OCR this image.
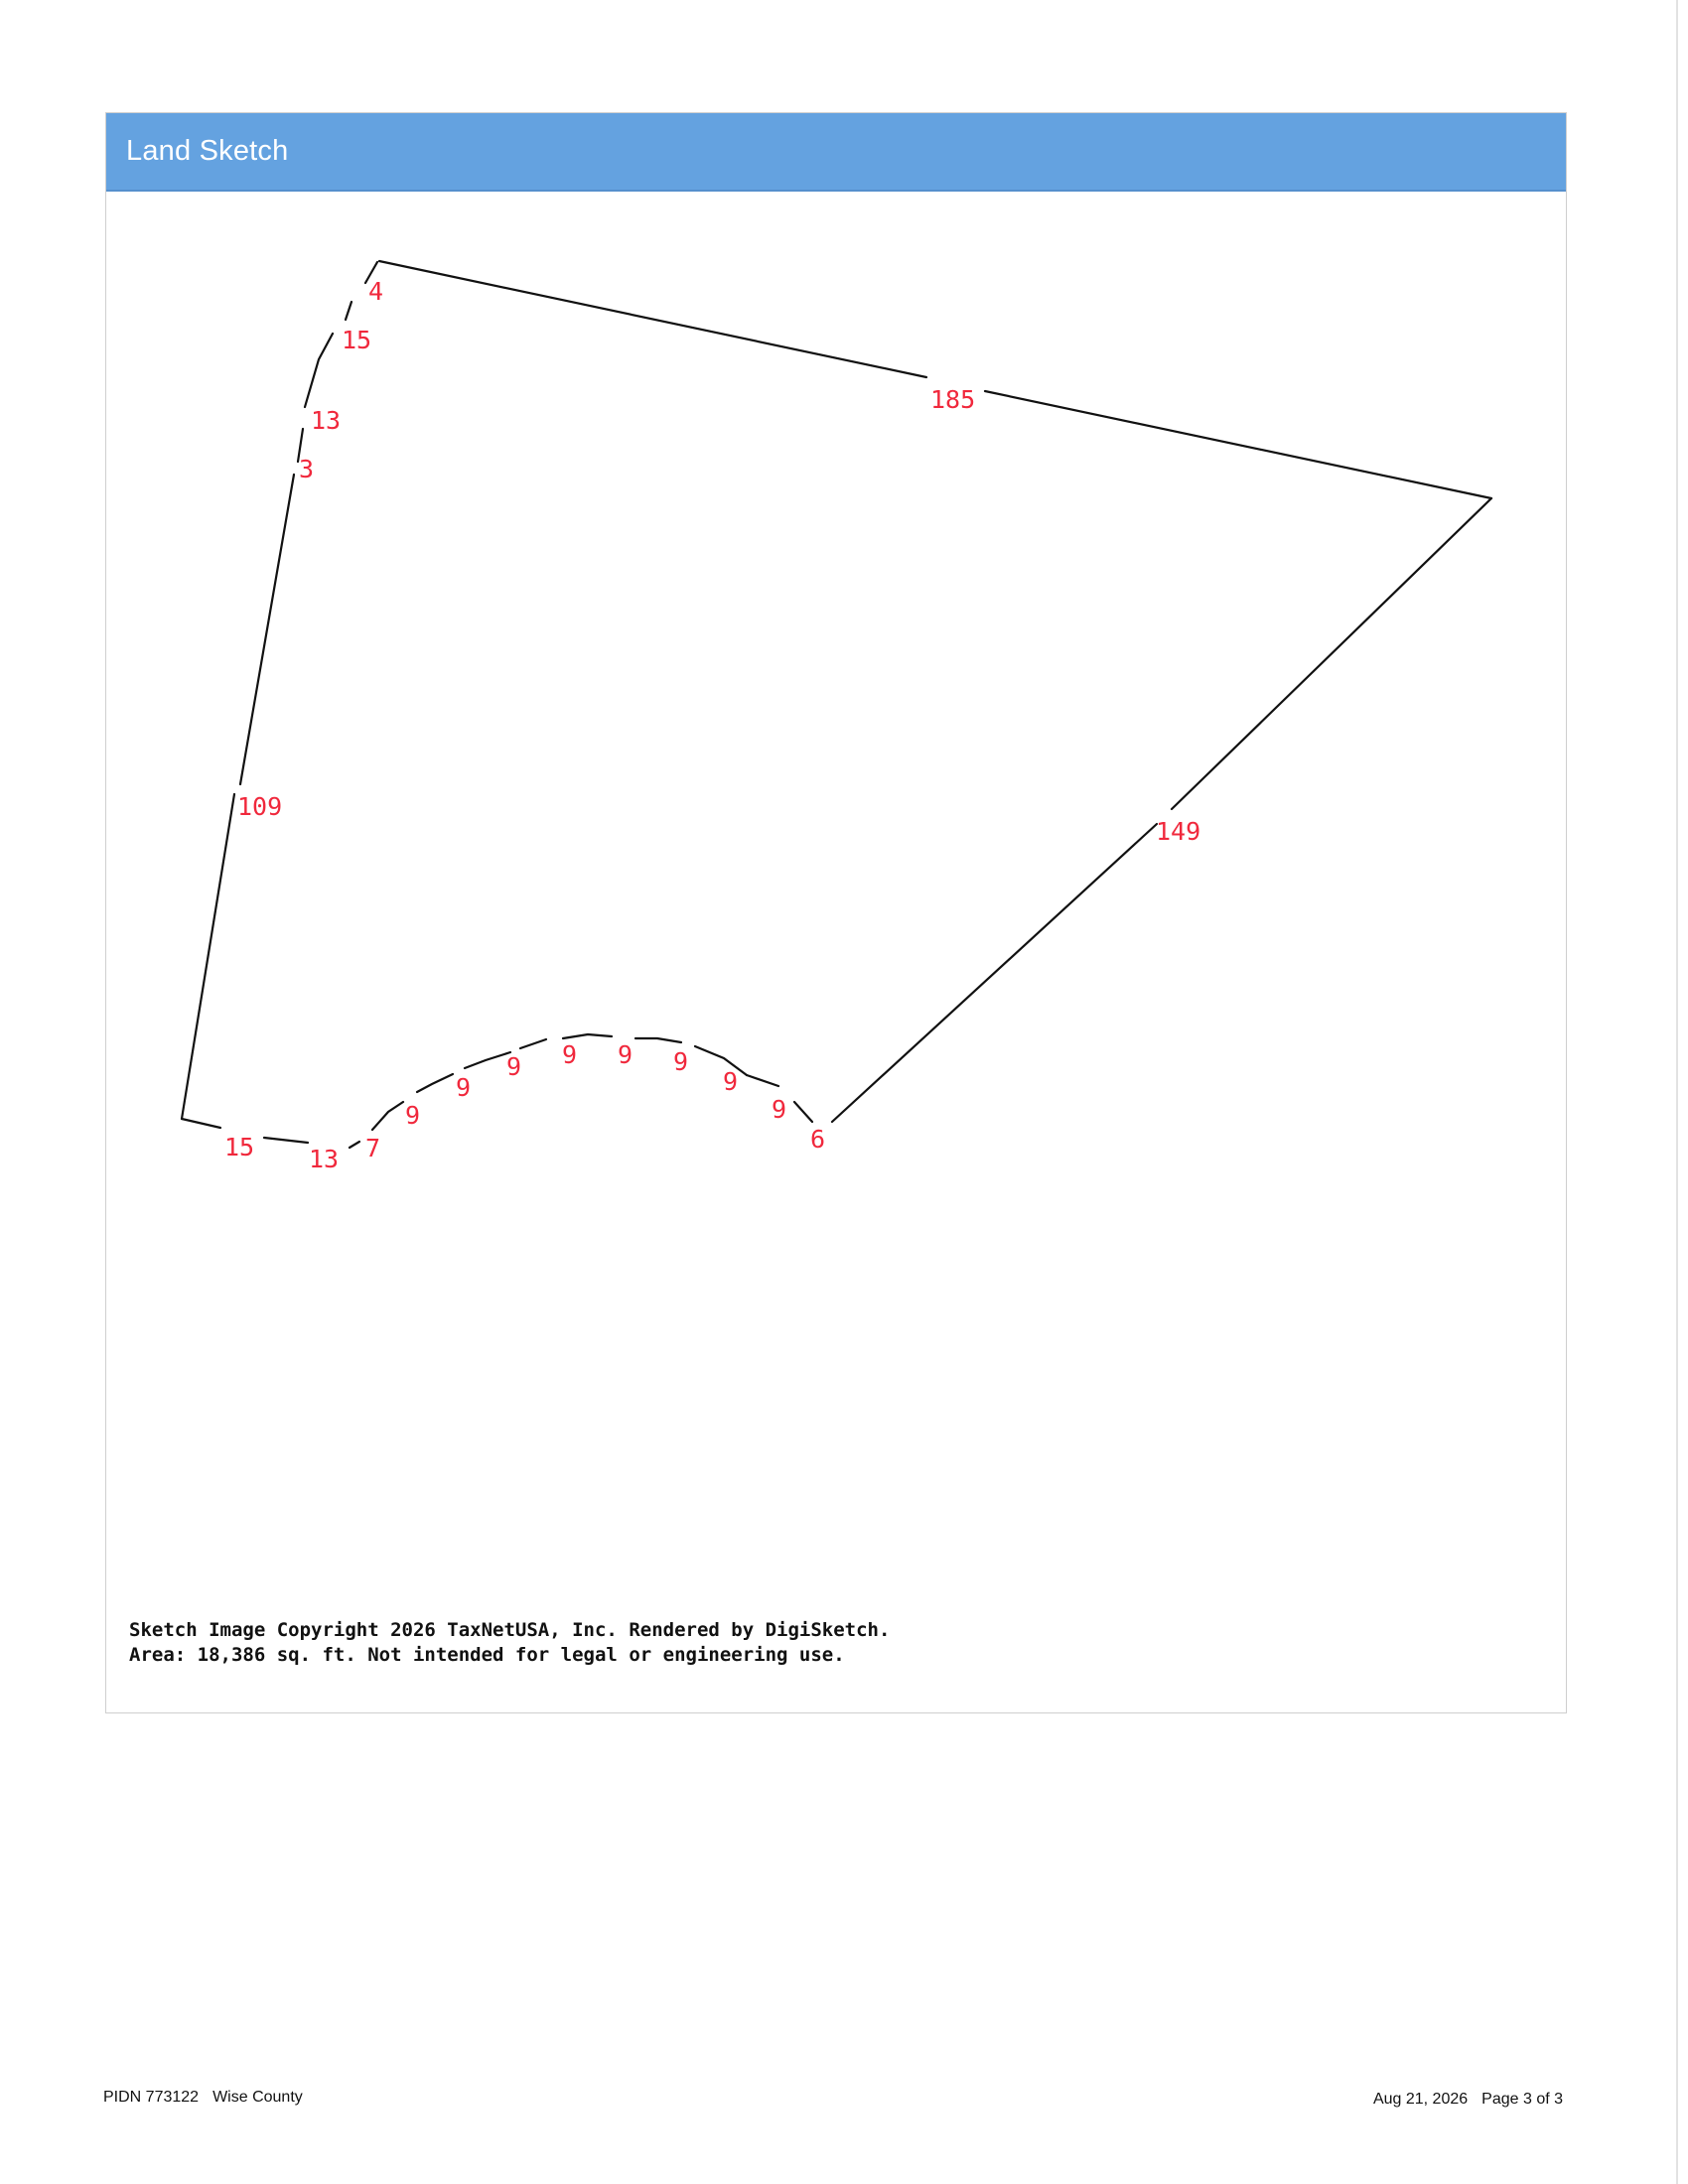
Land Sketch
4
15
13
3
185
109
149
15 13 7
9
9
9 9 9 9
9
9
6
Sketch Image Copyright 2026 TaxNetUSA, Inc. Rendered by DigiSketch.
Area: 18,386 sq. ft. Not intended for legal or engineering use.
PIDN 773122 Wise County	Aug 21, 2026 Page 3 of 3
